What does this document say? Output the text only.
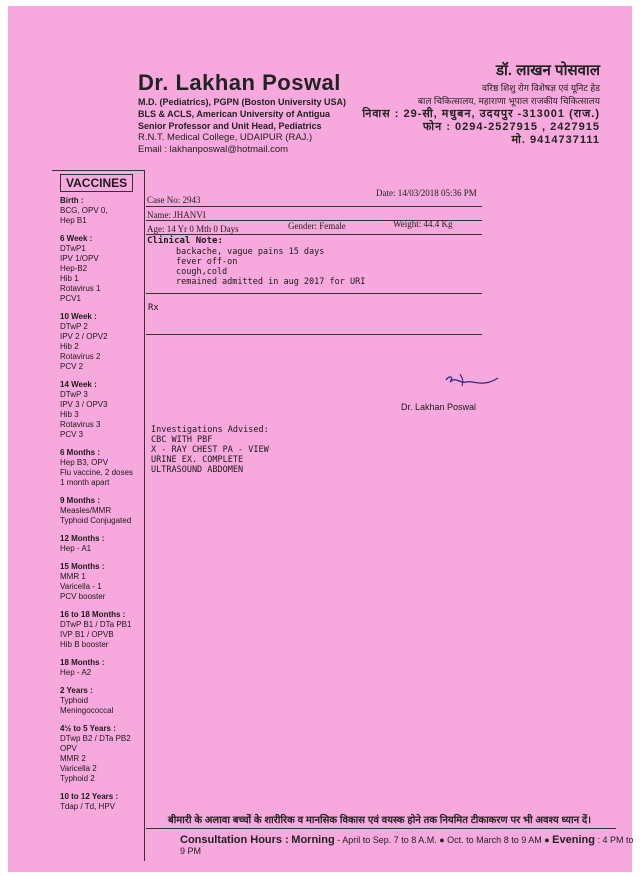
Dr. Lakhan Poswal
M.D. (Pediatrics), PGPN (Boston University USA)
BLS & ACLS, American University of Antigua
Senior Professor and Unit Head, Pediatrics
R.N.T. Medical College, UDAIPUR (RAJ.)
Email : lakhanposwal@hotmail.com
डॉ. लाखन पोसवाल
वरिष्ठ शिशु रोग विशेषज्ञ एवं यूनिट हेड
बाल चिकित्सालय, महाराणा भूपाल राजकीय चिकित्सालय
निवास : 29-सी, मधुबन, उदयपुर -313001 (राज.)
फोन : 0294-2527915 , 2427915
मो. 9414737111
VACCINES
Birth :
BCG, OPV 0,
Hep B1
6 Week :
DTwP1
IPV 1/OPV
Hep-B2
Hib 1
Rotavirus 1
PCV1
10 Week :
DTwP 2
IPV 2 / OPV2
Hib 2
Rotavirus 2
PCV 2
14 Week :
DTwP 3
IPV 3 / OPV3
Hib 3
Rotavirus 3
PCV 3
6 Months :
Hep B3, OPV
Flu vaccine, 2 doses
1 month apart
9 Months :
Measles/MMR
Typhoid Conjugated
12 Months :
Hep - A1
15 Months :
MMR 1
Varicella - 1
PCV booster
16 to 18 Months :
DTwP B1 / DTa PB1
IVP B1 / OPVB
Hib B booster
18 Months :
Hep - A2
2 Years :
Typhoid
Meningococcal
4½ to 5 Years :
DTwp B2 / DTa PB2
OPV
MMR 2
Varicella 2
Typhoid 2
10 to 12 Years :
Tdap / Td, HPV
Case No: 2943
Date: 14/03/2018 05:36 PM
Name: JHANVI
Age: 14 Yr 0 Mth 0 Days	Gender: Female	Weight: 44.4 Kg
Clinical Note:
backache, vague pains 15 days
fever off-on
cough,cold
remained admitted in aug 2017 for URI
Rx
Dr. Lakhan Poswal
Investigations Advised:
CBC WITH PBF
X - RAY CHEST PA - VIEW
URINE EX. COMPLETE
ULTRASOUND ABDOMEN
बीमारी के अलावा बच्चों के शारीरिक व मानसिक विकास एवं वयस्क होने तक नियमित टीकाकरण पर भी अवश्य ध्यान दें।
Consultation Hours : Morning - April to Sep. 7 to 8 A.M. ● Oct. to March 8 to 9 AM ● Evening : 4 PM to 9 PM
